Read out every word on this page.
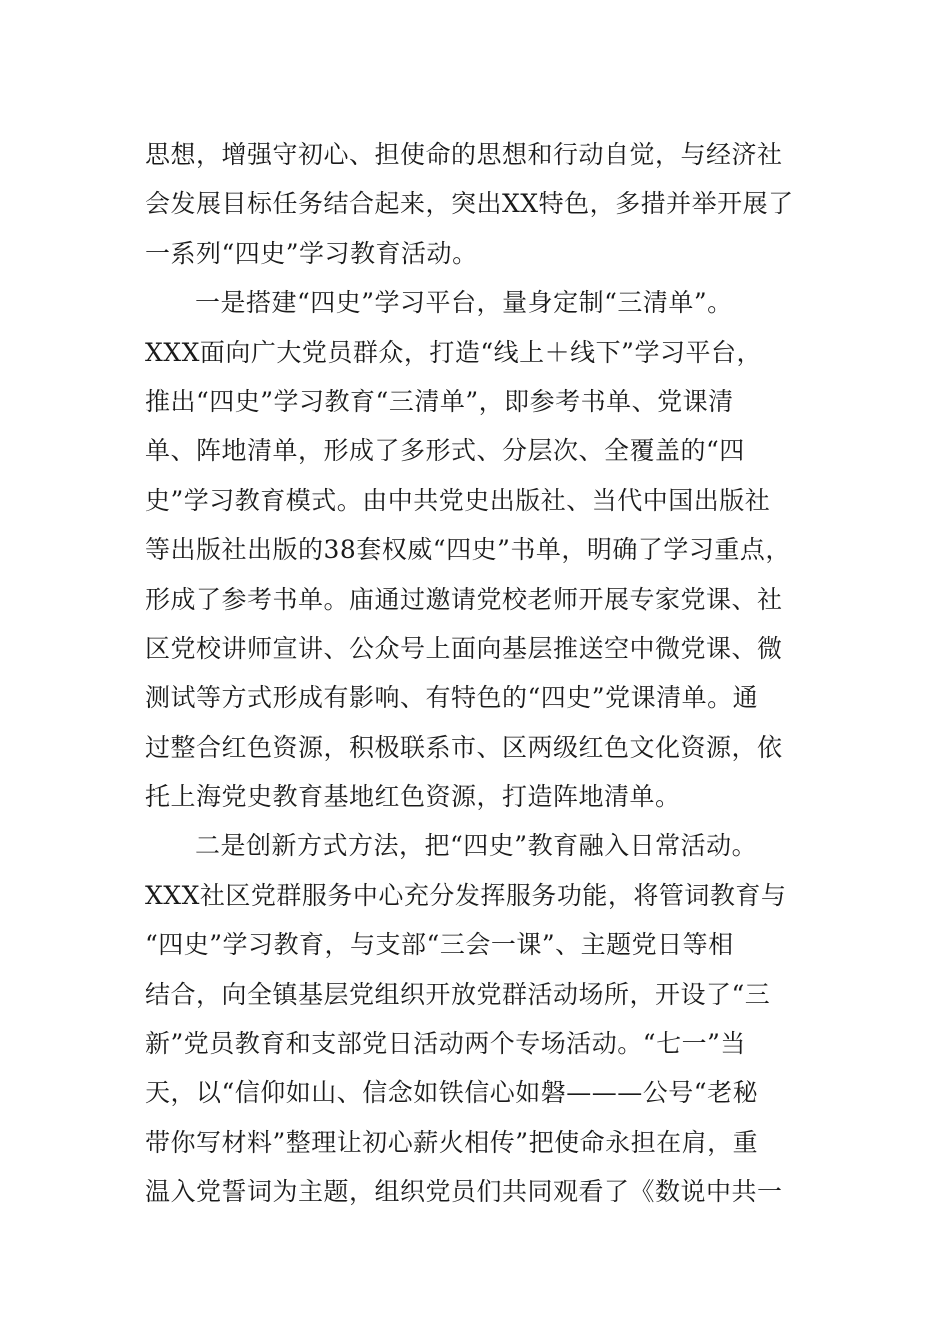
思想，增强守初心、担使命的思想和行动自觉，与经济社
会发展目标任务结合起来，突出XX特色，多措并举开展了
一系列“四史”学习教育活动。
一是搭建“四史”学习平台，量身定制“三清单”。
XXX面向广大党员群众，打造“线上＋线下”学习平台，
推出“四史”学习教育“三清单”，即参考书单、党课清
单、阵地清单，形成了多形式、分层次、全覆盖的“四
史”学习教育模式。由中共党史出版社、当代中国出版社
等出版社出版的38套权威“四史”书单，明确了学习重点，
形成了参考书单。庙通过邀请党校老师开展专家党课、社
区党校讲师宣讲、公众号上面向基层推送空中微党课、微
测试等方式形成有影响、有特色的“四史”党课清单。通
过整合红色资源，积极联系市、区两级红色文化资源，依
托上海党史教育基地红色资源，打造阵地清单。
二是创新方式方法，把“四史”教育融入日常活动。
XXX社区党群服务中心充分发挥服务功能，将管词教育与
“四史”学习教育，与支部“三会一课”、主题党日等相
结合，向全镇基层党组织开放党群活动场所，开设了“三
新”党员教育和支部党日活动两个专场活动。“七一”当
天，以“信仰如山、信念如铁信心如磐———公号“老秘
带你写材料”整理让初心薪火相传”把使命永担在肩，重
温入党誓词为主题，组织党员们共同观看了《数说中共一
